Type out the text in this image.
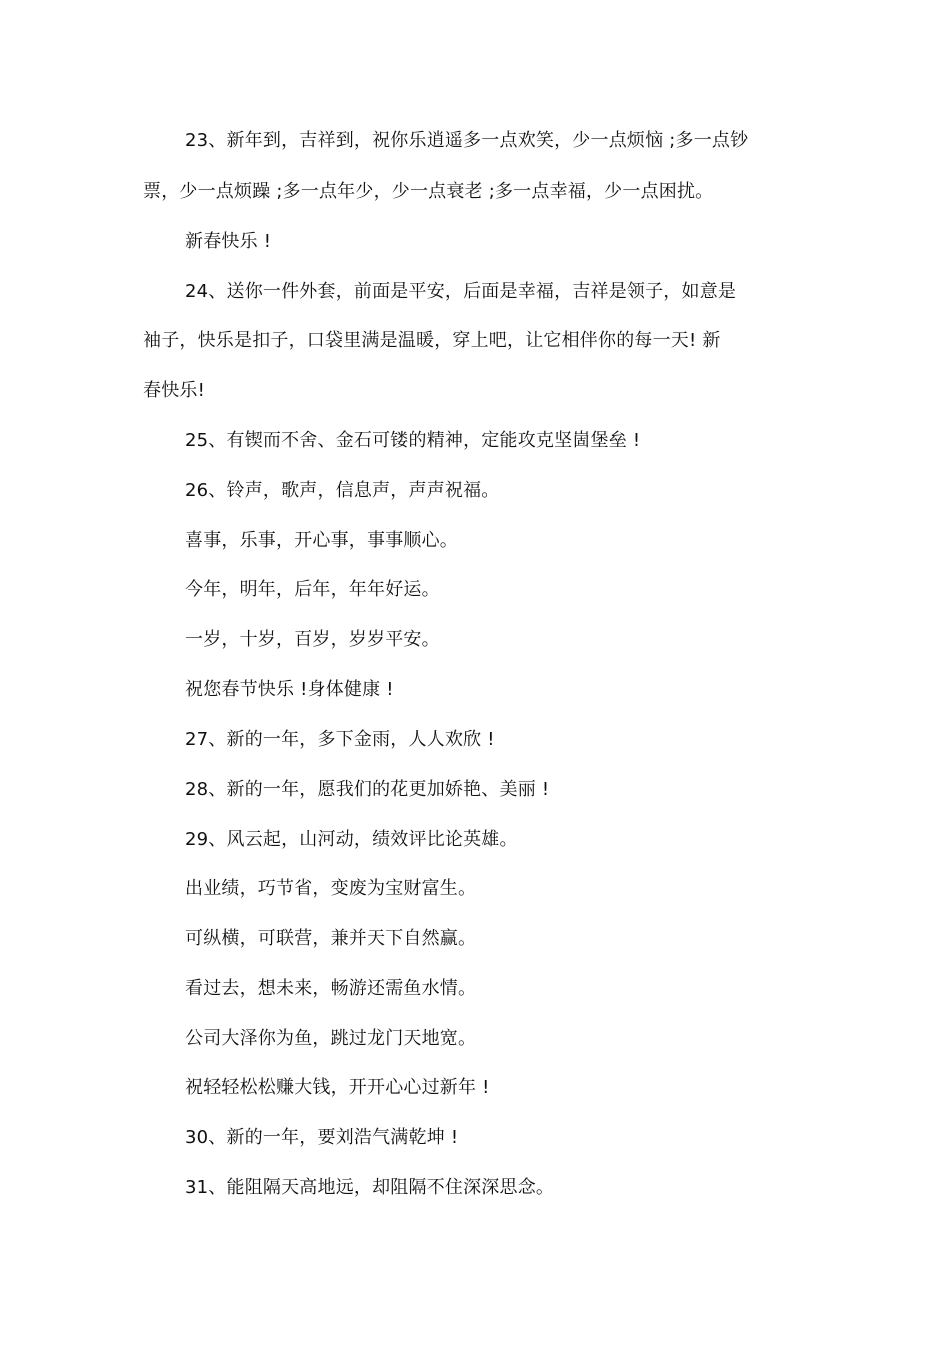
23、新年到，吉祥到，祝你乐逍遥多一点欢笑，少一点烦恼 ;多一点钞
票，少一点烦躁 ;多一点年少，少一点衰老 ;多一点幸福，少一点困扰。
新春快乐 !
24、送你一件外套，前面是平安，后面是幸福，吉祥是领子，如意是
袖子，快乐是扣子，口袋里满是温暖，穿上吧，让它相伴你的每一天! 新
春快乐!
25、有锲而不舍、金石可镂的精神，定能攻克坚崮堡垒 !
26、铃声，歌声，信息声，声声祝福。
喜事，乐事，开心事，事事顺心。
今年，明年，后年，年年好运。
一岁，十岁，百岁，岁岁平安。
祝您春节快乐 !身体健康 !
27、新的一年，多下金雨，人人欢欣 !
28、新的一年，愿我们的花更加娇艳、美丽 !
29、风云起，山河动，绩效评比论英雄。
出业绩，巧节省，变废为宝财富生。
可纵横，可联营，兼并天下自然赢。
看过去，想未来，畅游还需鱼水情。
公司大泽你为鱼，跳过龙门天地宽。
祝轻轻松松赚大钱，开开心心过新年 !
30、新的一年，要刘浩气满乾坤 !
31、能阻隔天高地远，却阻隔不住深深思念。
